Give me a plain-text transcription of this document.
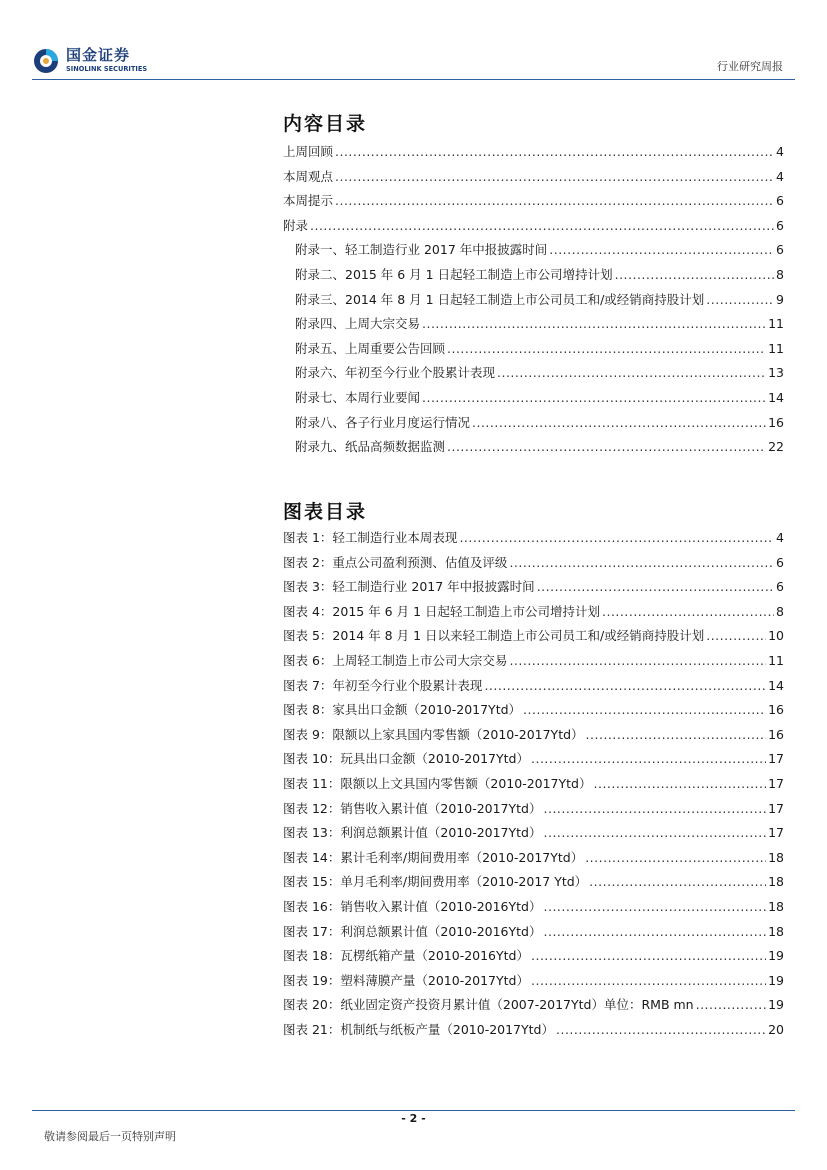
国金证券
SINOLINK SECURITIES	行业研究周报
内容目录
上周回顾 .....	4
本周观点 .....	4
本周提示 .....	6
附录 .....	6
附录一、轻工制造行业 2017 年中报披露时间 .....	6
附录二、2015 年 6 月 1 日起轻工制造上市公司增持计划 .....	8
附录三、2014 年 8 月 1 日起轻工制造上市公司员工和/或经销商持股计划 .....	9
附录四、上周大宗交易 .....	11
附录五、上周重要公告回顾 .....	11
附录六、年初至今行业个股累计表现 .....	13
附录七、本周行业要闻 .....	14
附录八、各子行业月度运行情况 .....	16
附录九、纸品高频数据监测 .....	22
图表目录
图表 1：轻工制造行业本周表现 .....	4
图表 2：重点公司盈利预测、估值及评级 .....	6
图表 3：轻工制造行业 2017 年中报披露时间 .....	6
图表 4：2015 年 6 月 1 日起轻工制造上市公司增持计划 .....	8
图表 5：2014 年 8 月 1 日以来轻工制造上市公司员工和/或经销商持股计划 .....	10
图表 6：上周轻工制造上市公司大宗交易 .....	11
图表 7：年初至今行业个股累计表现 .....	14
图表 8：家具出口金额（2010-2017Ytd） .....	16
图表 9：限额以上家具国内零售额（2010-2017Ytd） .....	16
图表 10：玩具出口金额（2010-2017Ytd） .....	17
图表 11：限额以上文具国内零售额（2010-2017Ytd） .....	17
图表 12：销售收入累计值（2010-2017Ytd） .....	17
图表 13：利润总额累计值（2010-2017Ytd） .....	17
图表 14：累计毛利率/期间费用率（2010-2017Ytd） .....	18
图表 15：单月毛利率/期间费用率（2010-2017 Ytd） .....	18
图表 16：销售收入累计值（2010-2016Ytd） .....	18
图表 17：利润总额累计值（2010-2016Ytd） .....	18
图表 18：瓦楞纸箱产量（2010-2016Ytd） .....	19
图表 19：塑料薄膜产量（2010-2017Ytd） .....	19
图表 20：纸业固定资产投资月累计值（2007-2017Ytd）单位：RMB mn .....	19
图表 21：机制纸与纸板产量（2010-2017Ytd） .....	20
- 2 -
敬请参阅最后一页特别声明
